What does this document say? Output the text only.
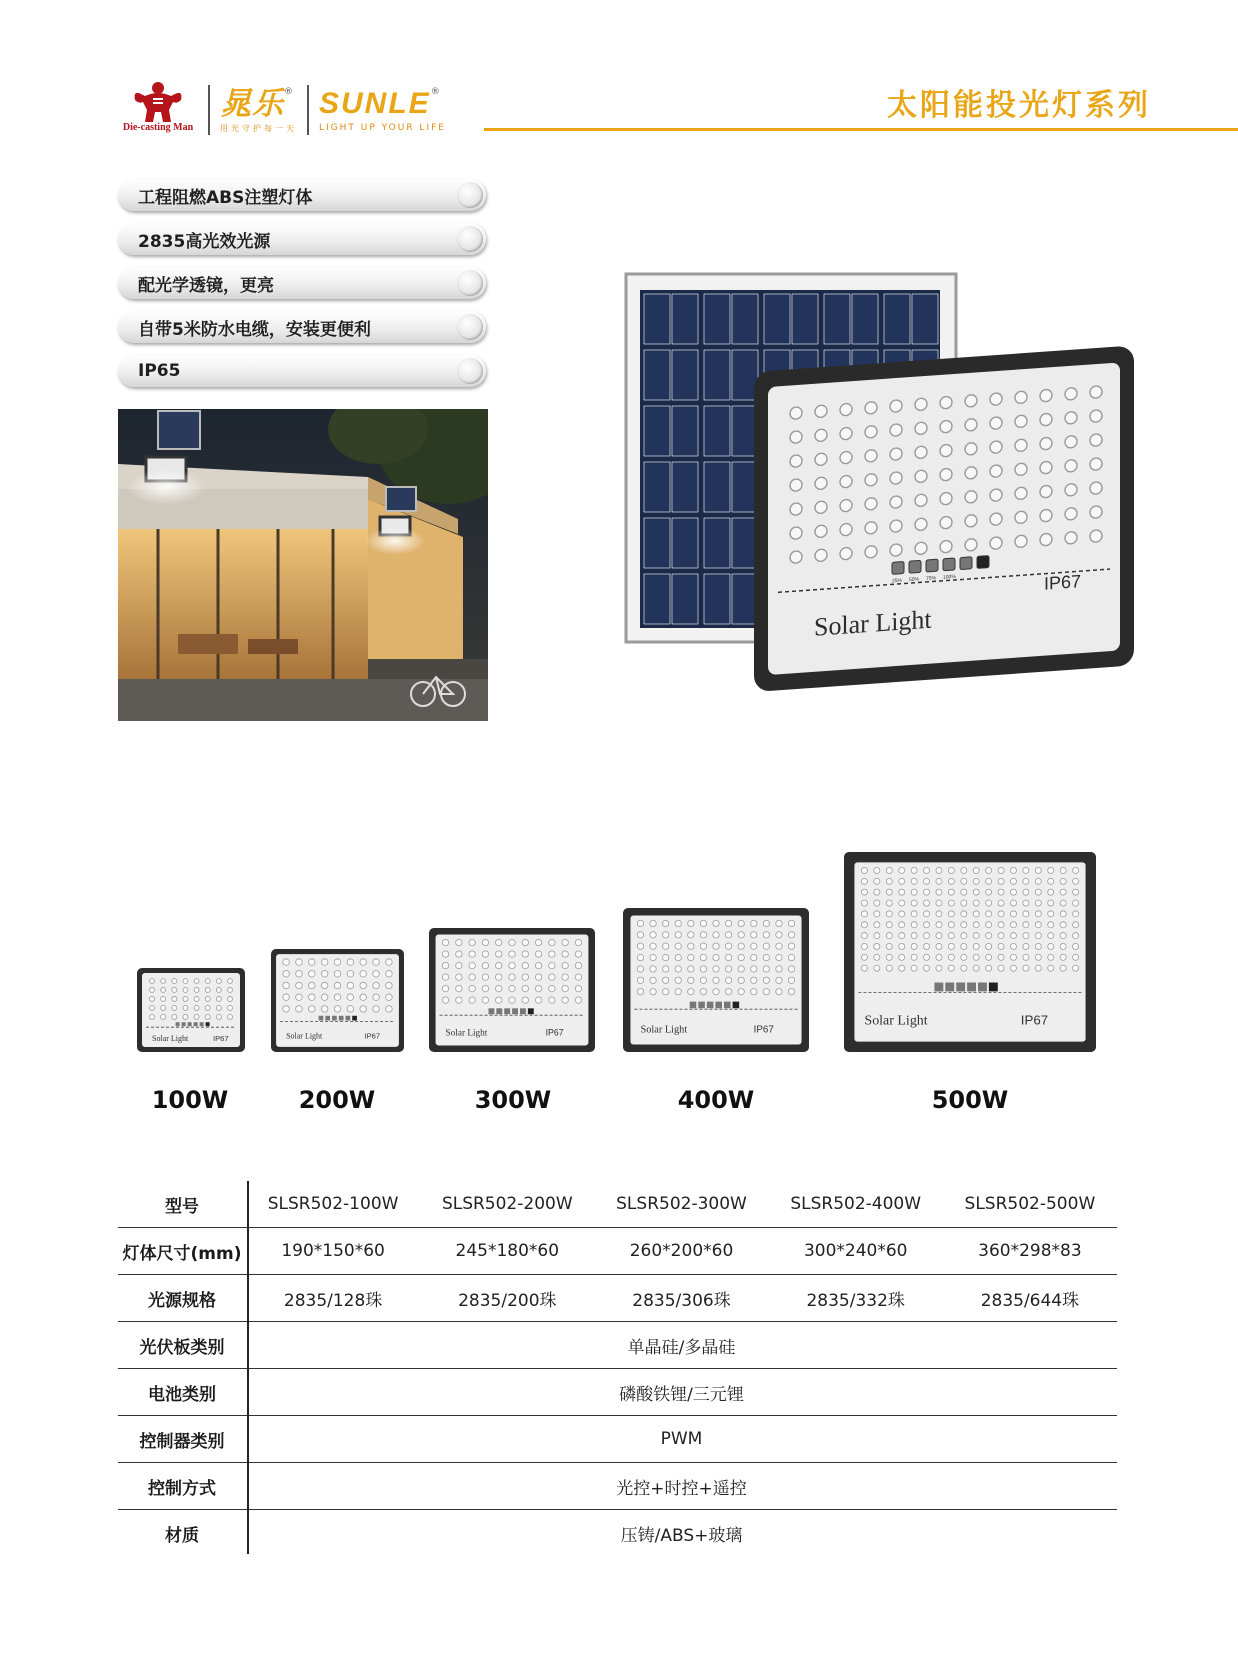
Die-casting Man
晁乐®
用光守护每一天
SUNLE®
LIGHT UP YOUR LIFE
太阳能投光灯系列
工程阻燃ABS注塑灯体
2835高光效光源
配光学透镜，更亮
自带5米防水电缆，安装更便利
IP65
25% 50% 75% 100%
Solar Light
IP67
Solar Light	IP67	Solar Light	IP67	Solar Light	IP67	Solar Light	IP67
Solar Light	IP67
100W	200W	300W	400W	500W
型号	SLSR502-100W	SLSR502-200W	SLSR502-300W	SLSR502-400W	SLSR502-500W
灯体尺寸(mm)	190*150*60	245*180*60	260*200*60	300*240*60	360*298*83
光源规格	2835/128珠	2835/200珠	2835/306珠	2835/332珠	2835/644珠
光伏板类别	单晶硅/多晶硅
电池类别	磷酸铁锂/三元锂
控制器类别	PWM
控制方式	光控+时控+遥控
材质	压铸/ABS+玻璃
